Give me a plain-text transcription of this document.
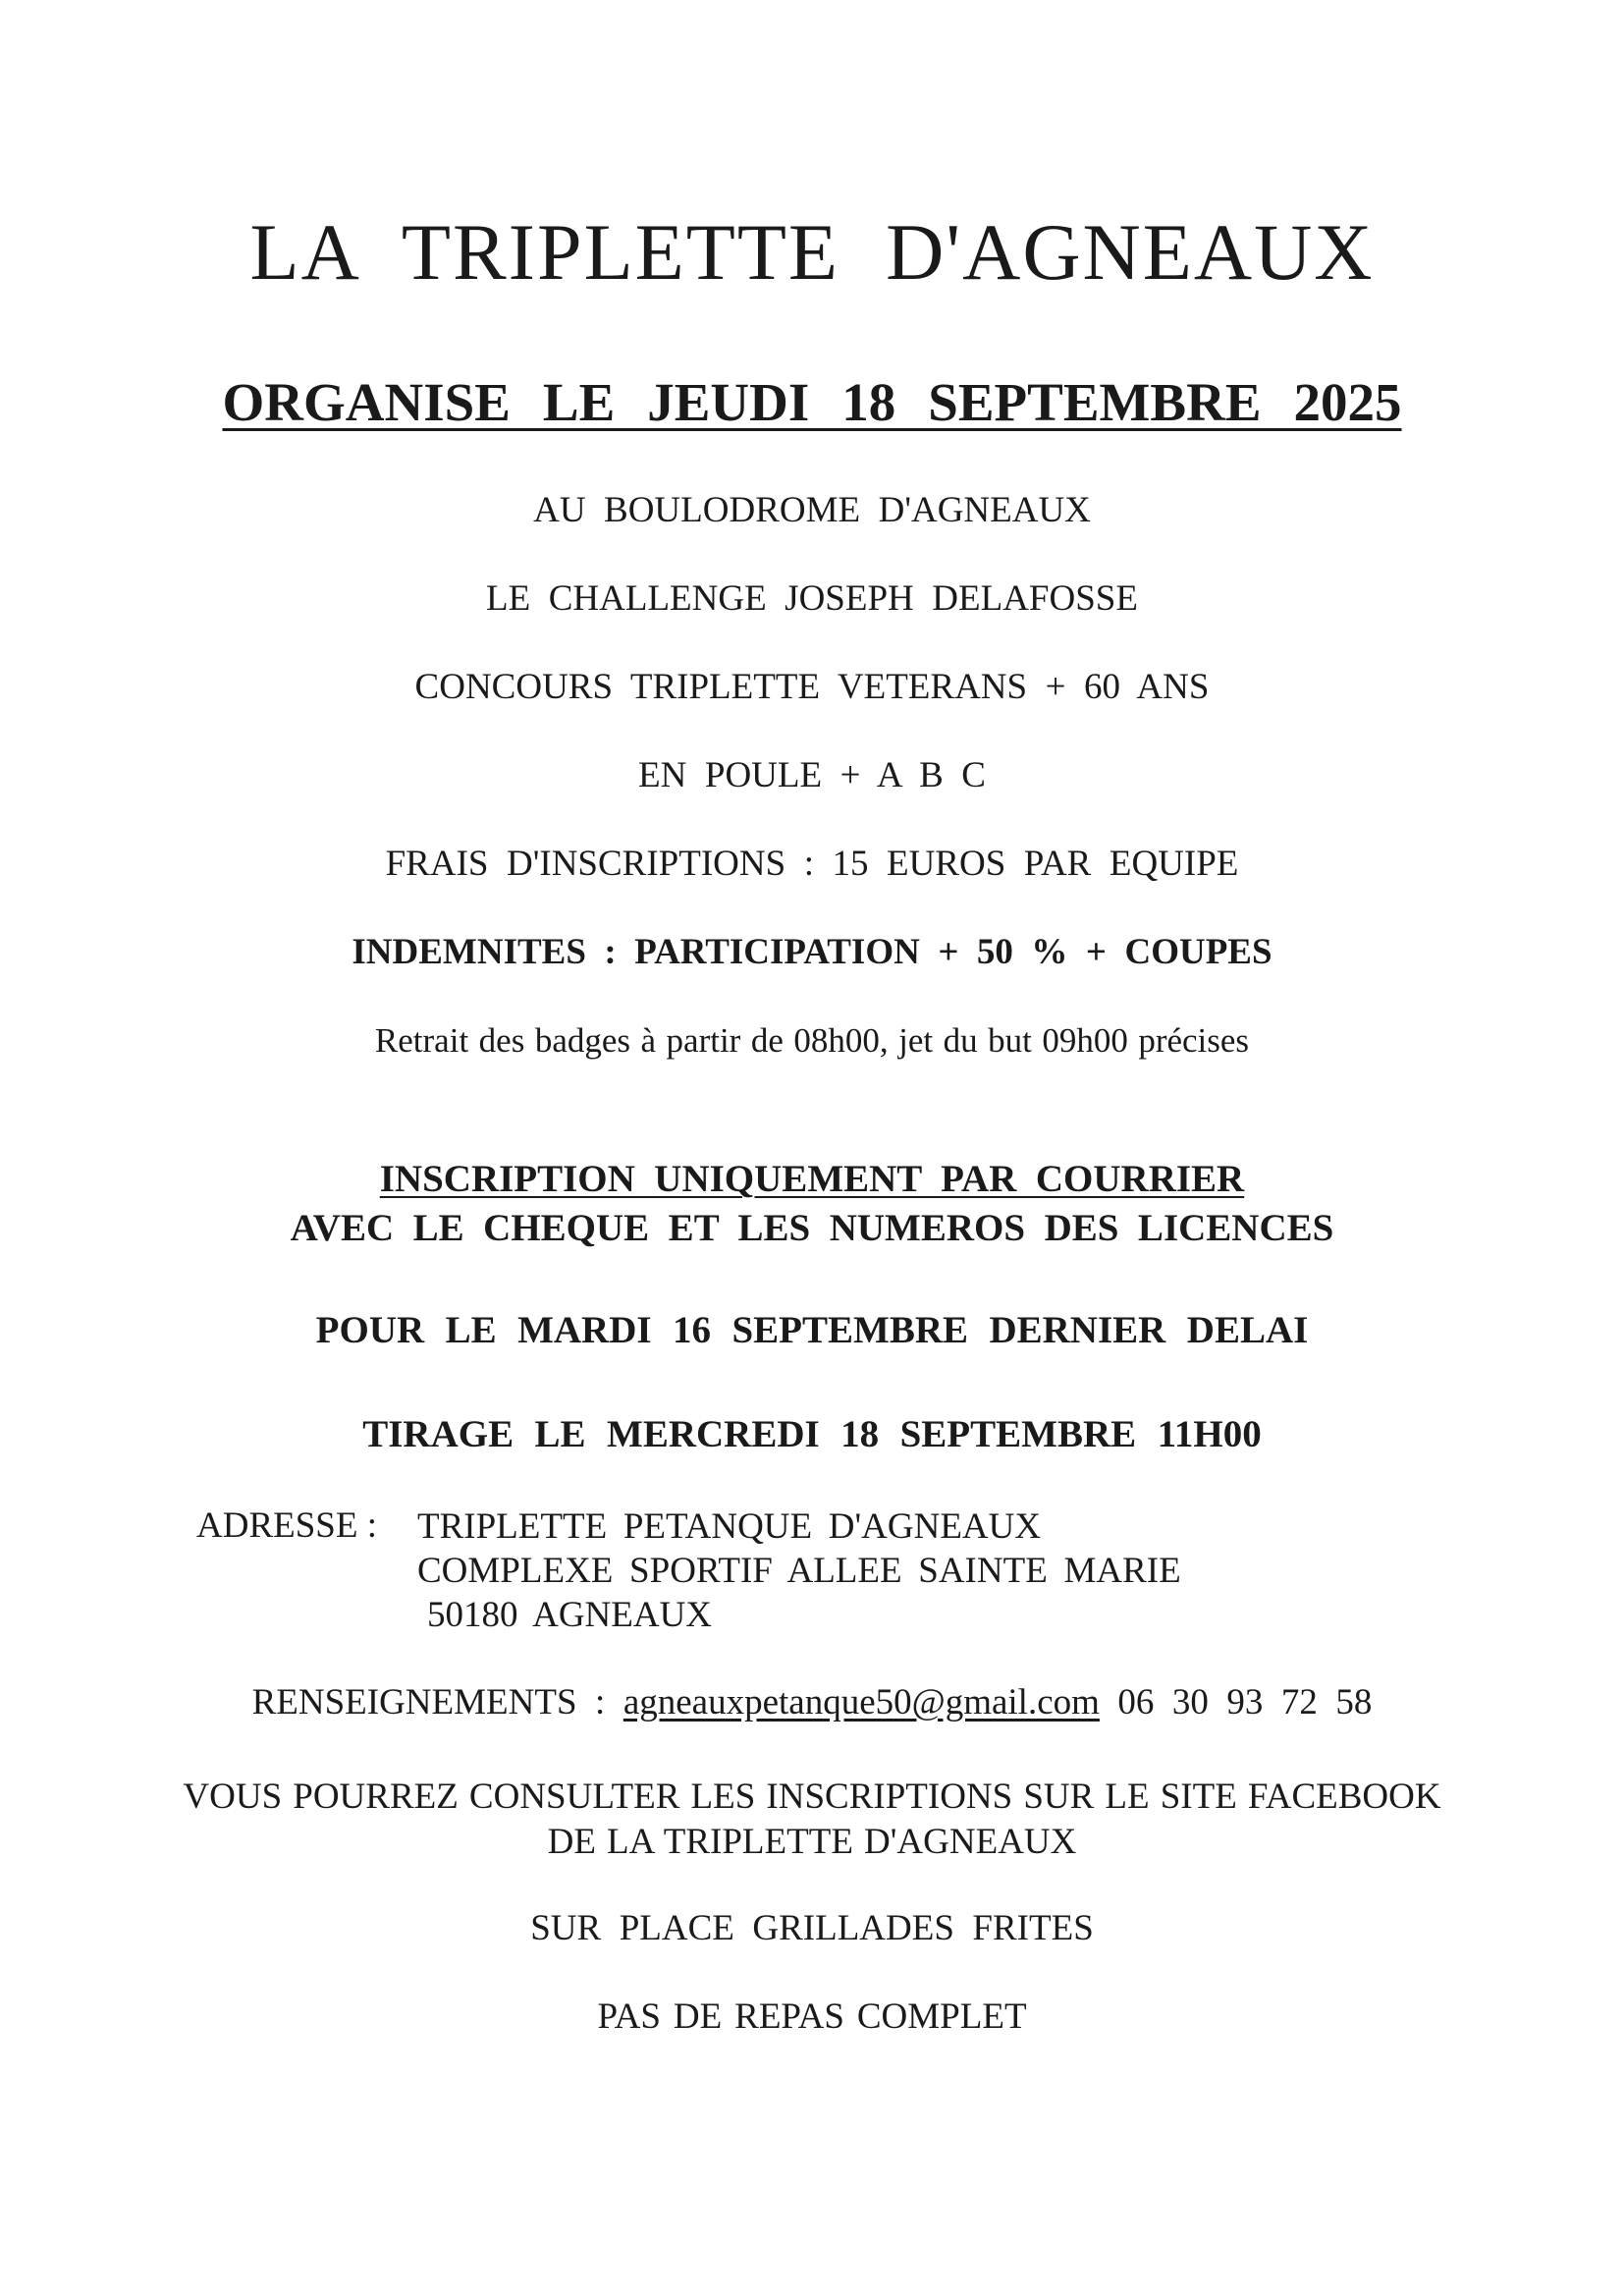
LA TRIPLETTE D'AGNEAUX
ORGANISE LE JEUDI 18 SEPTEMBRE 2025
AU BOULODROME D'AGNEAUX
LE CHALLENGE JOSEPH DELAFOSSE
CONCOURS TRIPLETTE VETERANS + 60 ANS
EN POULE + A B C
FRAIS D'INSCRIPTIONS : 15 EUROS PAR EQUIPE
INDEMNITES : PARTICIPATION + 50 % + COUPES
Retrait des badges à partir de 08h00, jet du but 09h00 précises
INSCRIPTION UNIQUEMENT PAR COURRIER
AVEC LE CHEQUE ET LES NUMEROS DES LICENCES
POUR LE MARDI 16 SEPTEMBRE DERNIER DELAI
TIRAGE LE MERCREDI 18 SEPTEMBRE 11H00
ADRESSE : TRIPLETTE PETANQUE D'AGNEAUX
COMPLEXE SPORTIF ALLEE SAINTE MARIE
50180 AGNEAUX
RENSEIGNEMENTS : agneauxpetanque50@gmail.com 06 30 93 72 58
VOUS POURREZ CONSULTER LES INSCRIPTIONS SUR LE SITE FACEBOOK
DE LA TRIPLETTE D'AGNEAUX
SUR PLACE GRILLADES FRITES
PAS DE REPAS COMPLET
